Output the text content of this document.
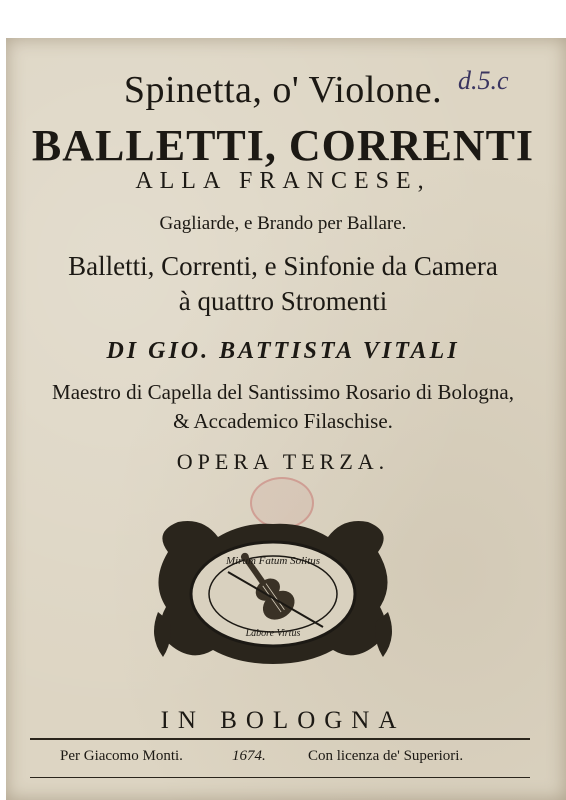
d.5.c
Spinetta, o' Violone.
BALLETTI, CORRENTI
ALLA FRANCESE,
Gagliarde, e Brando per Ballare.
Balletti, Correnti, e Sinfonie da Camera
à quattro Stromenti
DI GIO. BATTISTA VITALI
Maestro di Capella del Santissimo Rosario di Bologna,
& Accademico Filaschise.
OPERA TERZA.
Mirum Fatum Solitus
Labore Virtus
IN BOLOGNA
Per Giacomo Monti.	1674.	Con licenza de' Superiori.
